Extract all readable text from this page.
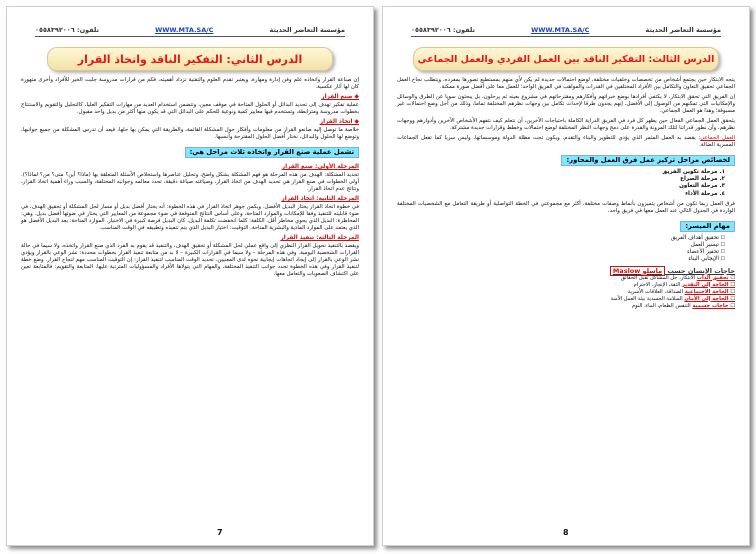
مؤسسة التعاضر الحديثة
WWW.MTA.SA/C
تلفون: ٠٥٥٨٣٩٢٠٠٦
الدرس الثاني: التفكير الناقد واتخاذ القرار

إن صناعة القرار واتخاذه علم وفن إدارة ومهارة، ويعتبر تقدم العلوم والتقنية تزداد أهميته، فكم من قرارات مدروسة جلبت الخير للأفراد وأخرى متهورة كان لها آثار عكسية.

◆ صنع القرار

عملية تفكير تهدف إلى تحديد البدائل أو الحلول المتاحة في موقف معين، وتتضمن استخدام العديد من مهارات التفكير العليا، كالتحليل والتقويم والاستنتاج بخطوات مدروسة ومترابطة، وتستخدم فيها معايير كمية ونوعية للحكم على البدائل التي قد يكون منها أكثر من بديل واحد مقبول.

◆ اتخاذ القرار

خلاصة ما توصل إليه صانعو القرار من معلومات وأفكار حول المشكلة القائمة، والطريقة التي يمكن بها حلها، فيعد أن تدرس المشكلة من جميع جوانبها، وتوضع لها الحلول والبدائل، نختار أفضل الحلول المقترحة وأنسبها.

تشمل عملية صنع القرار واتخاذه ثلاث مراحل هي:
المرحلة الأولى: صنع القرار

تحديد المشكلة: الهدف من هذه المرحلة هو فهم المشكلة بشكل واضح، وتحليل عناصرها واستخلاص الأسئلة المتعلقة بها (ماذا؟ أين؟ متى؟ من؟ لماذا؟). أولى الخطوات في صنع القرار هي تحديد الهدف من اتخاذ القرار، وصياغته صياغة دقيقة، تحدد معالمه وجوانبه المختلفة، والسبب وراء أهمية اتخاذ القرار، ونتائج عدم اتخاذ القرار.

المرحلة الثانية: اتخاذ القرار

في خطوة اتخاذ القرار يختار البديل الأفضل. ويكمن جوهر اتخاذ القرار في هذه الخطوة: أنه يختار أفضل بديل أو مسار لحل المشكلة أو تحقيق الهدف، في ضوء قابليته للتنفيذ وفقا للإمكانات والموارد المتاحة، وعلى أساس النتائج المتوقعة في ضوء مجموعة من المعايير التي يختار في ضوئها أفضل بديل. وهي: المخاطرة: البديل الذي يحوي مخاطر أقل. الكلفة: كلما انخفضت تكلفة البديل، كان البديل فرصة كبيرة في الاختيار. الموارد المتاحة: يعد البديل الأفضل هو الذي يعتمد على الموارد المادية والبشرية المتاحة. التوقيت: اختيار البديل الذي يتم تنفيذه وتطبيقه في الوقت المناسب.

المرحلة الثالثة: تنفيذ القرار

ويقصد بالتنفيذ تحويل القرار النظري إلى واقع عملي لحل المشكلة أو تحقيق الهدف، والتنفيذ قد يقوم به الفرد الذي صنع القرار واتخذه، ولا سيما في حالة القرارات الشخصية اليومية. وفي هذه المرحلة – ولا سيما في القرارات الكبيرة – لا بد من متابعة تنفيذ القرار بخطوات محددة: نشر الوعي بالقرار ويؤدي نشر الوعي بالقرار إلى إيجاد اتجاهات إيجابية نحوه لدى المعنيين. تحديد الوقت المناسب لتنفيذ القرار: إن التوقيت المناسب مهم لنجاح القرار. وضع خطة لتنفيذ القرار وفي هذه الخطوة تحدد جوانب التنفيذ المختلفة، والمهام التي يتولاها الأفراد والمسؤوليات المترتبة عليها. المتابعة والتقويم: فالمتابعة تعين على اكتشاف الصعوبات والتعامل معها.

7
مؤسسة التعاضر الحديثة
WWW.MTA.SA/C
تلفون: ٠٥٥٨٣٩٢٠٠٦
الدرس الثالث: التفكير الناقد بين العمل الفردي والعمل الجماعي

يتجه الابتكار حين يجتمع أشخاص من تخصصات وخلفيات مختلفة، لوضع احتمالات جديدة لم يكن لأي منهم بمستطيع تصورها بمفرده، ويتطلب نجاح العمل الجماعي تحقيق التعاون والتكامل بين الأفراد المختلفين في القدرات والمواهب في الفريق الواحد؛ للعمل معا على أفضل صورة ممكنة.

إن الفريق التي تحقق الابتكار، لا يكتفي أفرادها بوضع خبراتهم وأفكارهم ومقترحاتهم في مشروع بعينه ثم يرحلون، بل يبحثون سويا عن الطرق والوسائل والإمكانيات التي تمكنهم من الوصول إلى الأفضل، إنهم يجدون طرقا لإحداث تكامل بين وجهات نظرهم المختلفة تماما، وذلك من أجل وضع احتمالات غير مسبوقة؛ وهذا هو العمل الجماعي.

يتحقق العمل الجماعي الفعال حين يظهر كل فرد في الفريق الدراية الكاملة باحتياجات الآخرين، أن نتعلم كيف نتفهم الأشخاص الآخرين وأدوارهم ووجهات نظرهم، وأن نطور قدراتنا لتلك المرونة والقدرة على دمج وجهات النظر المختلفة لوضع احتمالات وخطط وقرارات جديدة مشتركة.

العمل الجماعي: يقصد به العمل المثمر الذي يؤدي للتطوير والبناء والتقدم، ويكون تحت مظلة الدولة وموسساتها، وليس سريا كما تفعل الجماعات المسرية الضالة.

لخصائص مراحل تركيز عمل فرق العمل والمحاور:
١. مرحلة تكوين الفريق
٢. مرحلة الصراع
٣. مرحلة التعاون
٤. مرحلة الأداء

فرق العمل ربما تكون من أشخاص يتميزون بأنماط وصفات مختلفة، أكثر مع مجموعتي في الخطة التواصلية أو طريقة التعامل مع الشخصيات المختلفة الواردة في الجدول التالي عند العمل معها في فريق واحد.

مهام الميسر:
☐ تحقيق أهداف الفريق
☐ تيسير العمل
☐ تحفيز الأعضاء
☐ الإيجابي البناء
حاجات الإنسان حسب ماسلو Maslow
☐ تحقيق الذات الابتكار، حل المشاكل تقبل الحقائق
☐ الحاجة إلى التقدير الثقة، الإنجاز، الاحترام
☐ الحاجة الاجتماعية الصداقة، العلاقات الأسرية
☐ الحاجة إلى الأمان السلامة الجسدية بيئة العمل الآمنة
☐ حاجات جسمية التنفس الطعام، الماء، النوم
8
